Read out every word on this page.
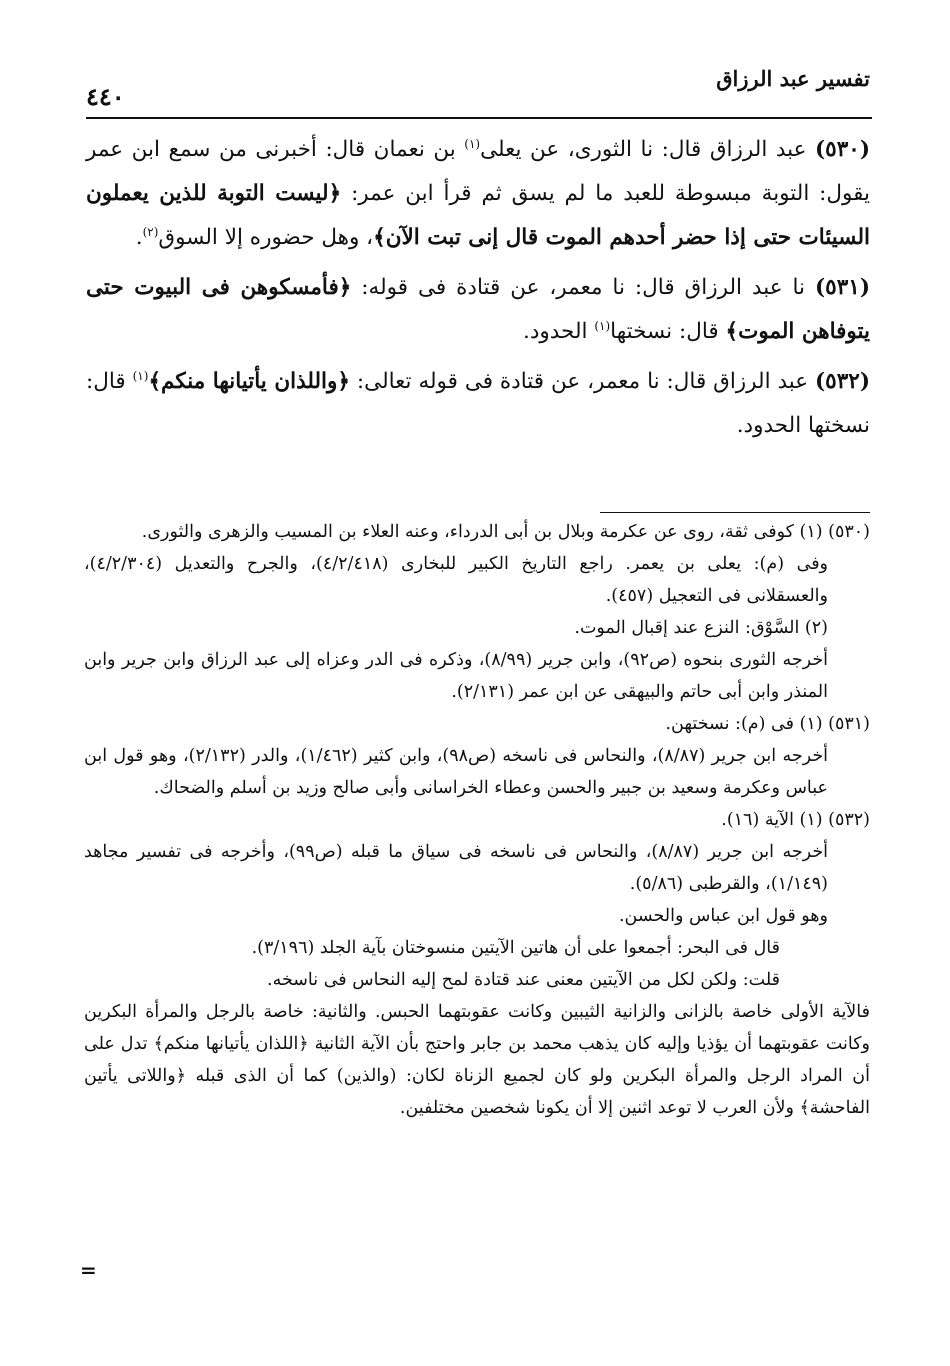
تفسير عبد الرزاق
٤٤٠

(٥٣٠) عبد الرزاق قال: نا الثورى، عن يعلى$^{(١)}$ بن نعمان قال: أخبرنى من سمع ابن عمر يقول: التوبة مبسوطة للعبد ما لم يسق ثم قرأ ابن عمر: ﴿ليست التوبة للذين يعملون السيئات حتى إذا حضر أحدهم الموت قال إنى تبت الآن﴾، وهل حضوره إلا السوق$^{(٢)}$.

(٥٣١) نا عبد الرزاق قال: نا معمر، عن قتادة فى قوله: ﴿فأمسكوهن فى البيوت حتى يتوفاهن الموت﴾ قال: نسختها$^{(١)}$ الحدود.

(٥٣٢) عبد الرزاق قال: نا معمر، عن قتادة فى قوله تعالى: ﴿واللذان يأتيانها منكم﴾$^{(١)}$ قال: نسختها الحدود.

(٥٣٠) (١) كوفى ثقة، روى عن عكرمة وبلال بن أبى الدرداء، وعنه العلاء بن المسيب والزهرى والثورى.

وفى (م): يعلى بن يعمر. راجع التاريخ الكبير للبخارى (٤/٢/٤١٨)، والجرح والتعديل (٤/٢/٣٠٤)، والعسقلانى فى التعجيل (٤٥٧).

(٢) السَّوْق: النزع عند إقبال الموت.

أخرجه الثورى بنحوه (ص٩٢)، وابن جرير (٨/٩٩)، وذكره فى الدر وعزاه إلى عبد الرزاق وابن جرير وابن المنذر وابن أبى حاتم والبيهقى عن ابن عمر (٢/١٣١).

(٥٣١) (١) فى (م): نسختهن.

أخرجه ابن جرير (٨/٨٧)، والنحاس فى ناسخه (ص٩٨)، وابن كثير (١/٤٦٢)، والدر (٢/١٣٢)، وهو قول ابن عباس وعكرمة وسعيد بن جبير والحسن وعطاء الخراسانى وأبى صالح وزيد بن أسلم والضحاك.

(٥٣٢) (١) الآية (١٦).

أخرجه ابن جرير (٨/٨٧)، والنحاس فى ناسخه فى سياق ما قبله (ص٩٩)، وأخرجه فى تفسير مجاهد (١/١٤٩)، والقرطبى (٥/٨٦).

وهو قول ابن عباس والحسن.

قال فى البحر: أجمعوا على أن هاتين الآيتين منسوختان بآية الجلد (٣/١٩٦).

قلت: ولكن لكل من الآيتين معنى عند قتادة لمح إليه النحاس فى ناسخه.

فالآية الأولى خاصة بالزانى والزانية الثيبين وكانت عقوبتهما الحبس. والثانية: خاصة بالرجل والمرأة البكرين وكانت عقوبتهما أن يؤذيا وإليه كان يذهب محمد بن جابر واحتج بأن الآية الثانية ﴿اللذان يأتيانها منكم﴾ تدل على أن المراد الرجل والمرأة البكرين ولو كان لجميع الزناة لكان: (والذين) كما أن الذى قبله ﴿واللاتى يأتين الفاحشة﴾ ولأن العرب لا توعد اثنين إلا أن يكونا شخصين مختلفين.

=
